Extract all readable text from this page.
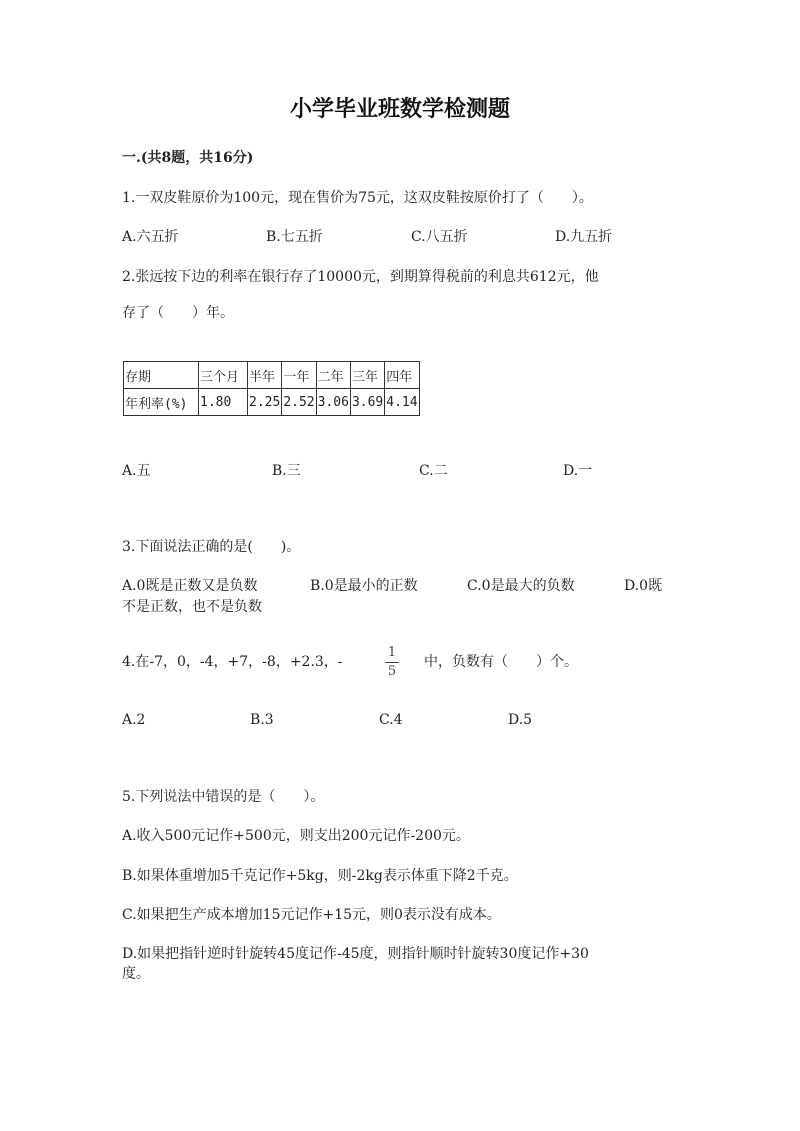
小学毕业班数学检测题
一.(共8题，共16分)
1.一双皮鞋原价为100元，现在售价为75元，这双皮鞋按原价打了（　　）。
A.六五折	B.七五折	C.八五折	D.九五折
2.张远按下边的利率在银行存了10000元，到期算得税前的利息共612元，他
存了（　　）年。
存期	三个月	半年	一年	二年	三年	四年
年利率(%)	1.80	2.25	2.52	3.06	3.69	4.14
A.五	B.三	C.二	D.一
3.下面说法正确的是(　　)。
A.0既是正数又是负数	B.0是最小的正数	C.0是最大的负数	D.0既
不是正数，也不是负数
4.在-7，0，-4，+7，-8，+2.3，-
1
5
中，负数有（　　）个。
A.2	B.3	C.4	D.5
5.下列说法中错误的是（　　）。
A.收入500元记作+500元，则支出200元记作-200元。
B.如果体重增加5千克记作+5kg，则-2kg表示体重下降2千克。
C.如果把生产成本增加15元记作+15元，则0表示没有成本。
D.如果把指针逆时针旋转45度记作-45度，则指针顺时针旋转30度记作+30
度。
